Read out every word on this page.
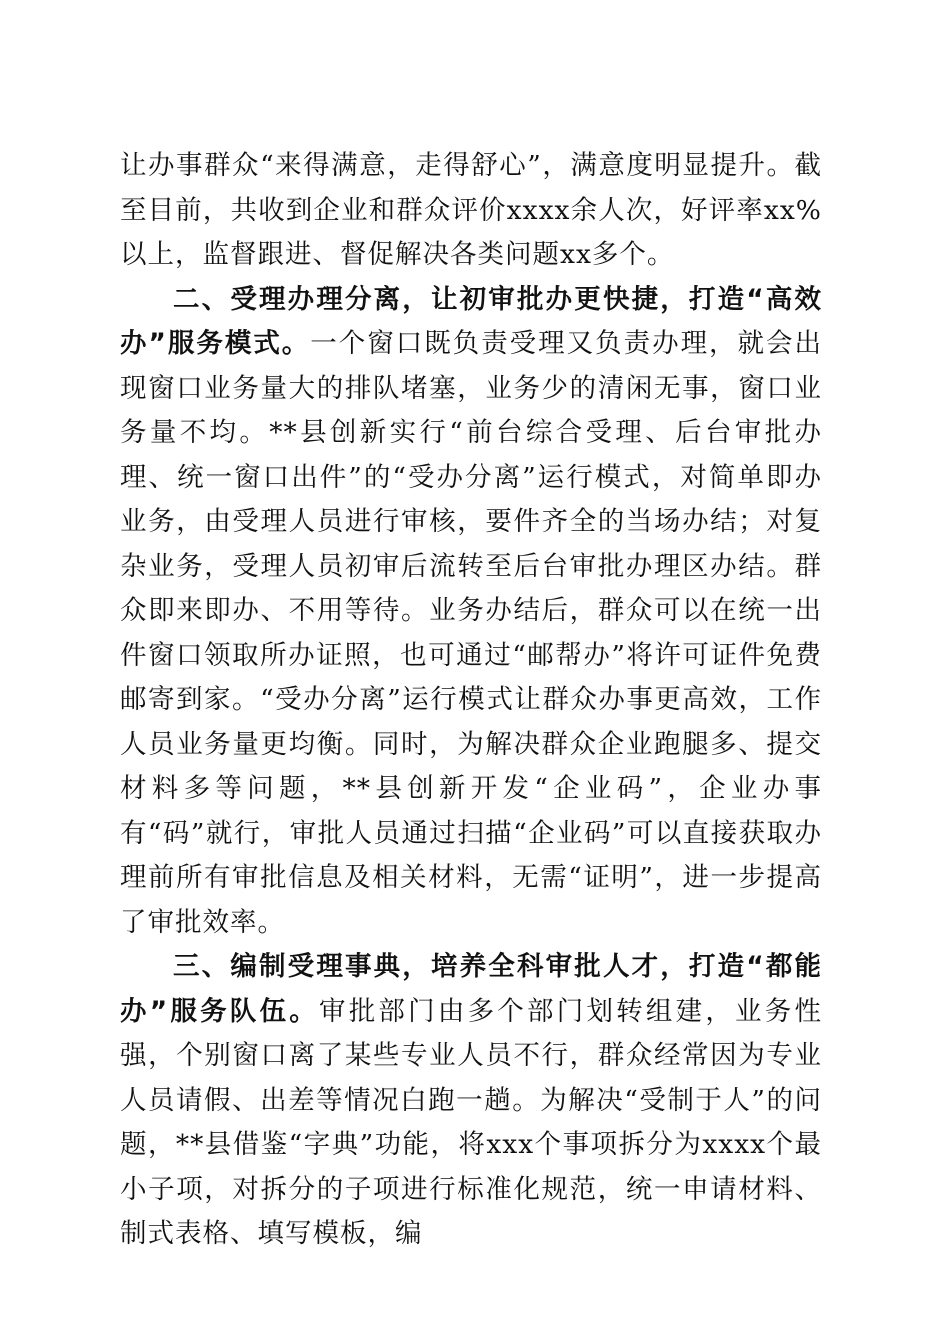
让办事群众“来得满意，走得舒心”，满意度明显提升。截至目前，共收到企业和群众评价xxxx余人次，好评率xx%以上，监督跟进、督促解决各类问题xx多个。

二、受理办理分离，让初审批办更快捷，打造“高效办”服务模式。一个窗口既负责受理又负责办理，就会出现窗口业务量大的排队堵塞，业务少的清闲无事，窗口业务量不均。**县创新实行“前台综合受理、后台审批办理、统一窗口出件”的“受办分离”运行模式，对简单即办业务，由受理人员进行审核，要件齐全的当场办结；对复杂业务，受理人员初审后流转至后台审批办理区办结。群众即来即办、不用等待。业务办结后，群众可以在统一出件窗口领取所办证照，也可通过“邮帮办”将许可证件免费邮寄到家。“受办分离”运行模式让群众办事更高效，工作人员业务量更均衡。同时，为解决群众企业跑腿多、提交材料多等问题，**县创新开发“企业码”，企业办事有“码”就行，审批人员通过扫描“企业码”可以直接获取办理前所有审批信息及相关材料，无需“证明”，进一步提高了审批效率。

三、编制受理事典，培养全科审批人才，打造“都能办”服务队伍。审批部门由多个部门划转组建，业务性强，个别窗口离了某些专业人员不行，群众经常因为专业人员请假、出差等情况白跑一趟。为解决“受制于人”的问题，**县借鉴“字典”功能，将xxx个事项拆分为xxxx个最小子项，对拆分的子项进行标准化规范，统一申请材料、制式表格、填写模板，编
